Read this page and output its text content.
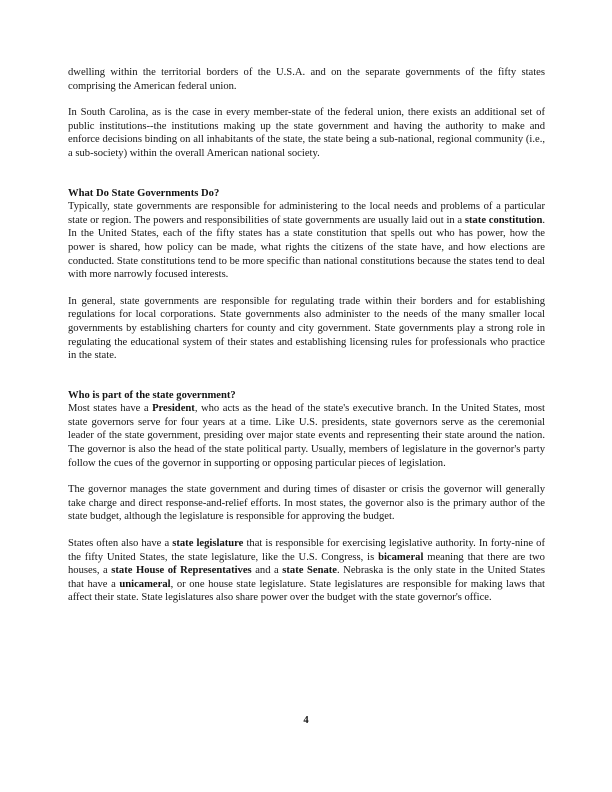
dwelling within the territorial borders of the U.S.A. and on the separate governments of the fifty states comprising the American federal union.

In South Carolina, as is the case in every member-state of the federal union, there exists an additional set of public institutions--the institutions making up the state government and having the authority to make and enforce decisions binding on all inhabitants of the state, the state being a sub-national, regional community (i.e., a sub-society) within the overall American national society.

What Do State Governments Do?

Typically, state governments are responsible for administering to the local needs and problems of a particular state or region. The powers and responsibilities of state governments are usually laid out in a state constitution. In the United States, each of the fifty states has a state constitution that spells out who has power, how the power is shared, how policy can be made, what rights the citizens of the state have, and how elections are conducted. State constitutions tend to be more specific than national constitutions because the states tend to deal with more narrowly focused interests.

In general, state governments are responsible for regulating trade within their borders and for establishing regulations for local corporations. State governments also administer to the needs of the many smaller local governments by establishing charters for county and city government. State governments play a strong role in regulating the educational system of their states and establishing licensing rules for professionals who practice in the state.

Who is part of the state government?

Most states have a President, who acts as the head of the state's executive branch. In the United States, most state governors serve for four years at a time. Like U.S. presidents, state governors serve as the ceremonial leader of the state government, presiding over major state events and representing their state around the nation. The governor is also the head of the state political party. Usually, members of legislature in the governor's party follow the cues of the governor in supporting or opposing particular pieces of legislation.

The governor manages the state government and during times of disaster or crisis the governor will generally take charge and direct response-and-relief efforts. In most states, the governor also is the primary author of the state budget, although the legislature is responsible for approving the budget.

States often also have a state legislature that is responsible for exercising legislative authority. In forty-nine of the fifty United States, the state legislature, like the U.S. Congress, is bicameral meaning that there are two houses, a state House of Representatives and a state Senate. Nebraska is the only state in the United States that have a unicameral, or one house state legislature. State legislatures are responsible for making laws that affect their state. State legislatures also share power over the budget with the state governor's office.

4
